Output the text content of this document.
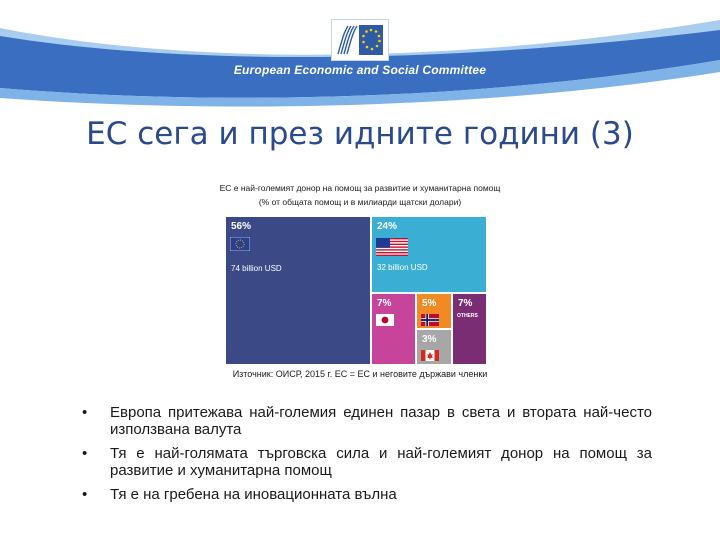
European Economic and Social Committee
ЕС сега и през идните години (3)
ЕС е най-големият донор на помощ за развитие и хуманитарна помощ
(% от общата помощ и в милиарди щатски долари)
56%
74 billion USD
24%
32 billion USD
7%	5% 7%
OTHERS
3%
Източник: ОИСР, 2015 г. ЕС = ЕС и неговите държави членки
• Европа притежава най-големия единен пазар в света и втората най-често използвана валута
• Тя е най-голямата търговска сила и най-големият донор на помощ за развитие и хуманитарна помощ
• Тя е на гребена на иновационната вълна
